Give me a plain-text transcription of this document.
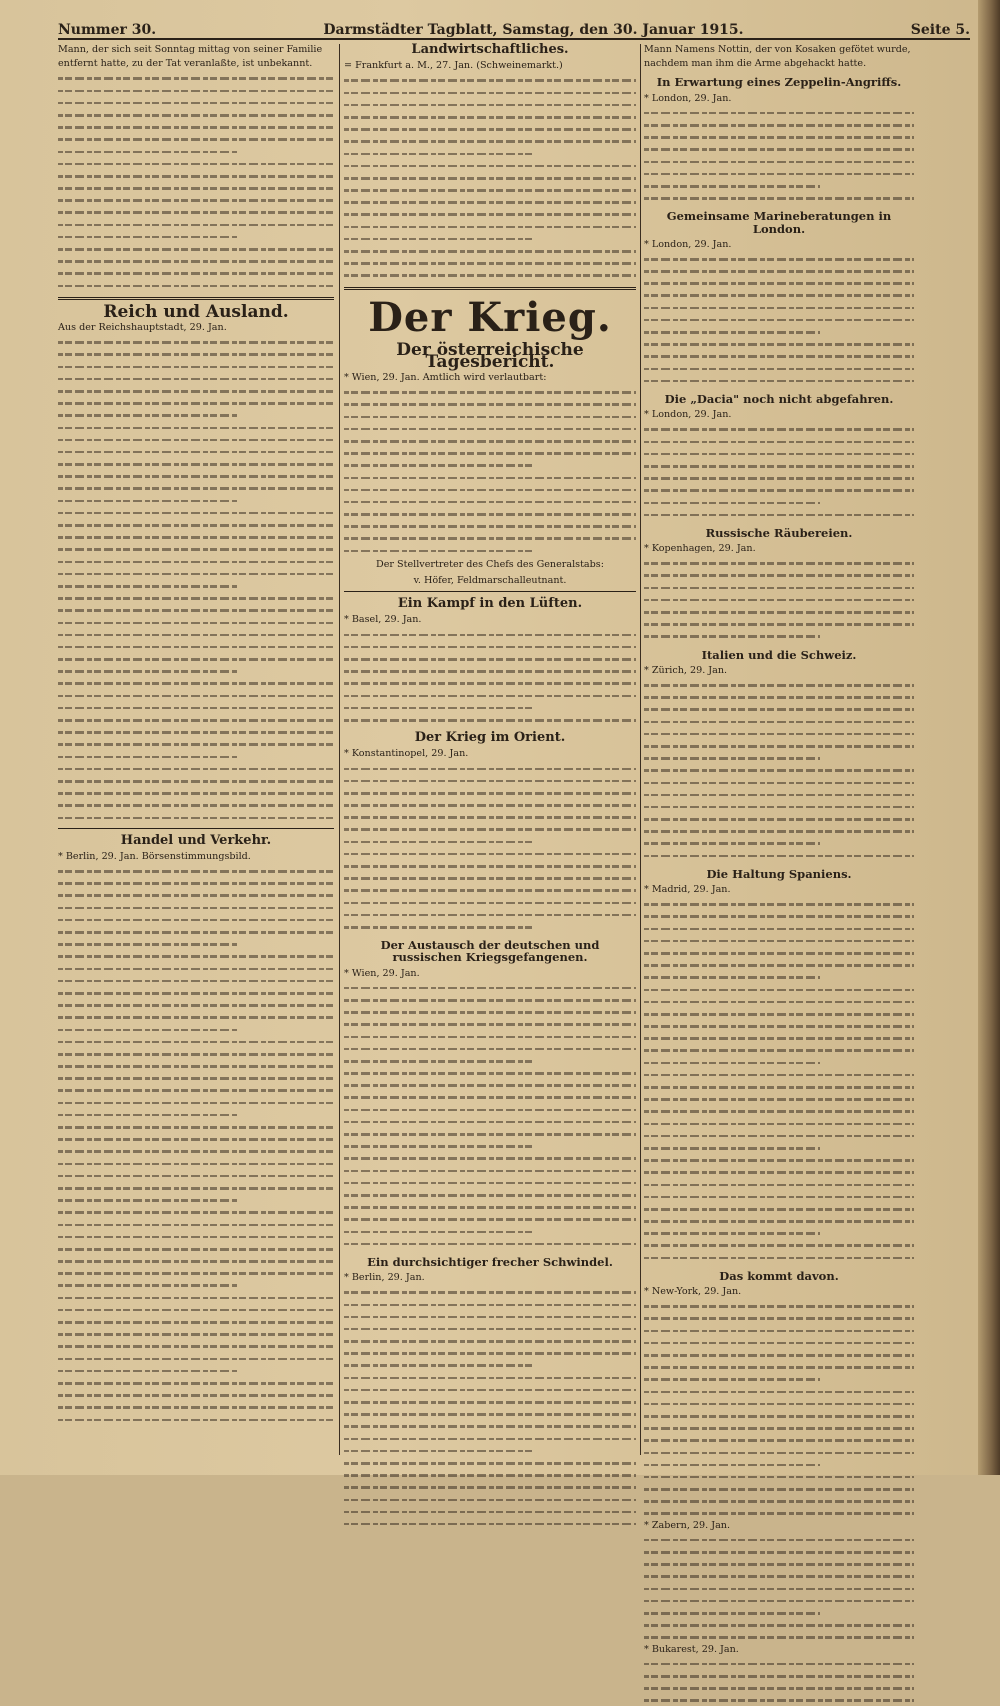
Nummer 30.	Darmstädter Tagblatt, Samstag, den 30. Januar 1915.	Seite 5.

Mann, der sich seit Sonntag mittag von seiner Familie

entfernt hatte, zu der Tat veranlaßte, ist unbekannt.

Reich und Ausland.

Aus der Reichshauptstadt, 29. Jan.

Handel und Verkehr.

* Berlin, 29. Jan. Börsenstimmungsbild.

Landwirtschaftliches.

= Frankfurt a. M., 27. Jan. (Schweinemarkt.)

Der Krieg.
Der österreichische Tagesbericht.

* Wien, 29. Jan. Amtlich wird verlautbart:

Der Stellvertreter des Chefs des Generalstabs:
v. Höfer, Feldmarschalleutnant.
Ein Kampf in den Lüften.

* Basel, 29. Jan.

Der Krieg im Orient.

* Konstantinopel, 29. Jan.

Der Austausch der deutschen und russischen Kriegsgefangenen.

* Wien, 29. Jan.

Ein durchsichtiger frecher Schwindel.

* Berlin, 29. Jan.

Mann Namens Nottin, der von Kosaken gefötet wurde,

nachdem man ihm die Arme abgehackt hatte.

In Erwartung eines Zeppelin-Angriffs.

* London, 29. Jan.

Gemeinsame Marineberatungen in London.

* London, 29. Jan.

Die „Dacia" noch nicht abgefahren.

* London, 29. Jan.

Russische Räubereien.

* Kopenhagen, 29. Jan.

Italien und die Schweiz.

* Zürich, 29. Jan.

Die Haltung Spaniens.

* Madrid, 29. Jan.

Das kommt davon.

* New-York, 29. Jan.

* Zabern, 29. Jan.

* Bukarest, 29. Jan.
